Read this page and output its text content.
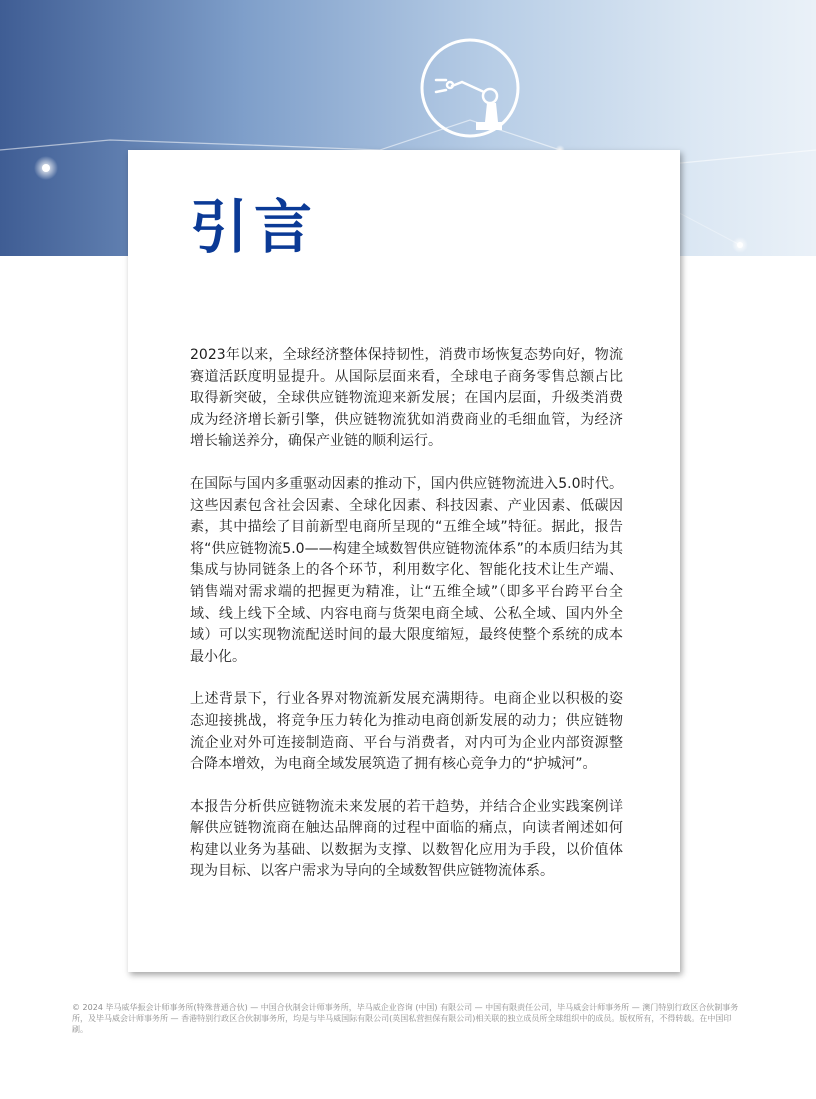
引言

2023年以来，全球经济整体保持韧性，消费市场恢复态势向好，物流赛道活跃度明显提升。从国际层面来看，全球电子商务零售总额占比取得新突破，全球供应链物流迎来新发展；在国内层面，升级类消费成为经济增长新引擎，供应链物流犹如消费商业的毛细血管，为经济增长输送养分，确保产业链的顺利运行。

在国际与国内多重驱动因素的推动下，国内供应链物流进入5.0时代。这些因素包含社会因素、全球化因素、科技因素、产业因素、低碳因素，其中描绘了目前新型电商所呈现的“五维全域”特征。据此，报告将“供应链物流5.0——构建全域数智供应链物流体系”的本质归结为其集成与协同链条上的各个环节，利用数字化、智能化技术让生产端、销售端对需求端的把握更为精准，让“五维全域”（即多平台跨平台全域、线上线下全域、内容电商与货架电商全域、公私全域、国内外全域）可以实现物流配送时间的最大限度缩短，最终使整个系统的成本最小化。

上述背景下，行业各界对物流新发展充满期待。电商企业以积极的姿态迎接挑战，将竞争压力转化为推动电商创新发展的动力；供应链物流企业对外可连接制造商、平台与消费者，对内可为企业内部资源整合降本增效，为电商全域发展筑造了拥有核心竞争力的“护城河”。

本报告分析供应链物流未来发展的若干趋势，并结合企业实践案例详解供应链物流商在触达品牌商的过程中面临的痛点，向读者阐述如何构建以业务为基础、以数据为支撑、以数智化应用为手段，以价值体现为目标、以客户需求为导向的全域数智供应链物流体系。

© 2024 毕马威华振会计师事务所(特殊普通合伙) — 中国合伙制会计师事务所，毕马威企业咨询 (中国) 有限公司 — 中国有限责任公司，毕马威会计师事务所 — 澳门特别行政区合伙制事务所，及毕马威会计师事务所 — 香港特别行政区合伙制事务所，均是与毕马威国际有限公司(英国私营担保有限公司)相关联的独立成员所全球组织中的成员。版权所有，不得转载。在中国印刷。
